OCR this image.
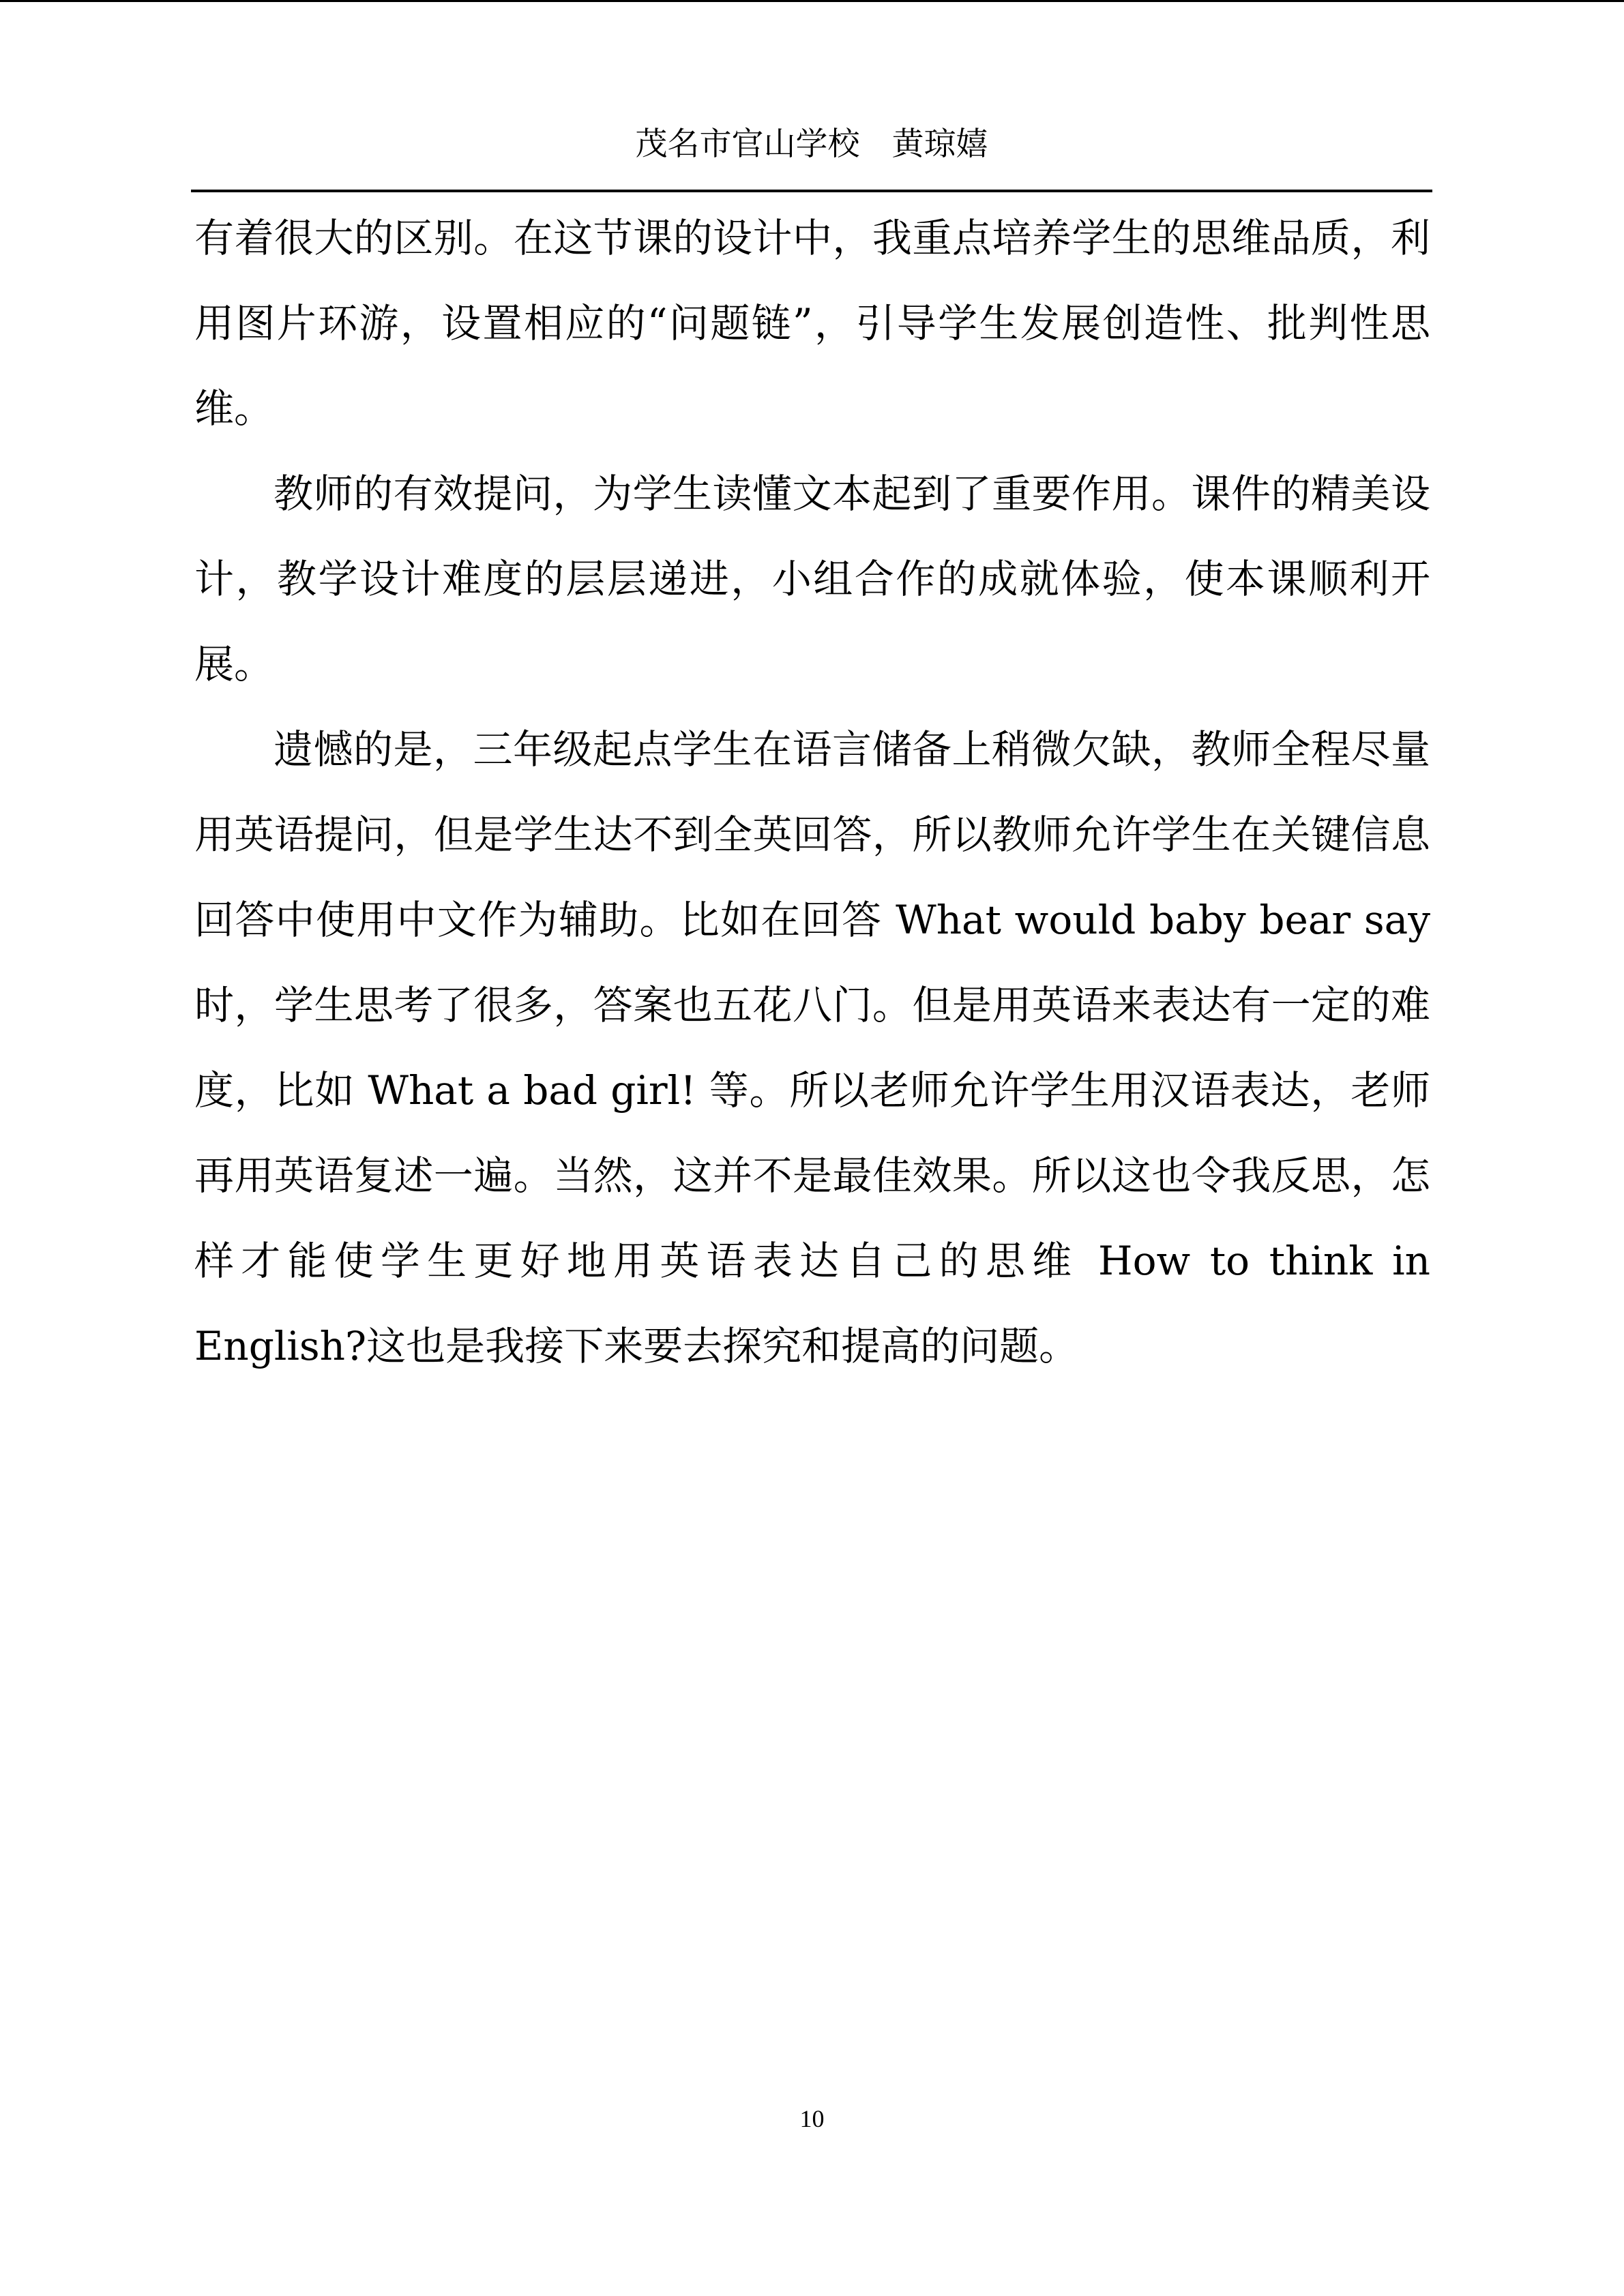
茂名市官山学校　黄琼嬉

有着很大的区别。在这节课的设计中，我重点培养学生的思维品质，利用图片环游，设置相应的“问题链”，引导学生发展创造性、批判性思维。

教师的有效提问，为学生读懂文本起到了重要作用。课件的精美设计，教学设计难度的层层递进，小组合作的成就体验，使本课顺利开展。

遗憾的是，三年级起点学生在语言储备上稍微欠缺，教师全程尽量用英语提问，但是学生达不到全英回答，所以教师允许学生在关键信息回答中使用中文作为辅助。比如在回答 What would baby bear say 时，学生思考了很多，答案也五花八门。但是用英语来表达有一定的难度，比如 What a bad girl! 等。所以老师允许学生用汉语表达，老师再用英语复述一遍。当然，这并不是最佳效果。所以这也令我反思，怎样才能使学生更好地用英语表达自己的思维 How to think in English?这也是我接下来要去探究和提高的问题。

10
